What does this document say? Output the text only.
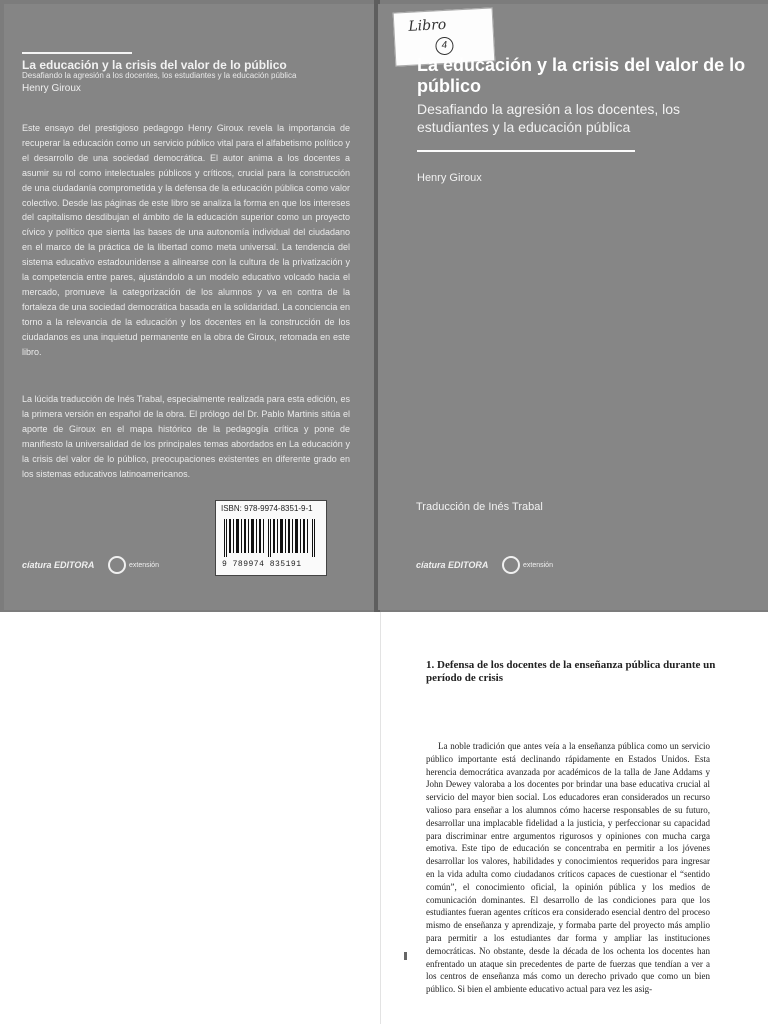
La educación y la crisis del valor de lo público
Desafiando la agresión a los docentes, los estudiantes y la educación pública
Henry Giroux
Este ensayo del prestigioso pedagogo Henry Giroux revela la importancia de recuperar la educación como un servicio público vital para el alfabetismo político y el desarrollo de una sociedad democrática. El autor anima a los docentes a asumir su rol como intelectuales públicos y críticos, crucial para la construcción de una ciudadanía comprometida y la defensa de la educación pública como valor colectivo. Desde las páginas de este libro se analiza la forma en que los intereses del capitalismo desdibujan el ámbito de la educación superior como un proyecto cívico y político que sienta las bases de una autonomía individual del ciudadano en el marco de la práctica de la libertad como meta universal. La tendencia del sistema educativo estadounidense a alinearse con la cultura de la privatización y la competencia entre pares, ajustándolo a un modelo educativo volcado hacia el mercado, promueve la categorización de los alumnos y va en contra de la fortaleza de una sociedad democrática basada en la solidaridad. La conciencia en torno a la relevancia de la educación y los docentes en la construcción de los ciudadanos es una inquietud permanente en la obra de Giroux, retomada en este libro.
La lúcida traducción de Inés Trabal, especialmente realizada para esta edición, es la primera versión en español de la obra. El prólogo del Dr. Pablo Martinis sitúa el aporte de Giroux en el mapa histórico de la pedagogía crítica y pone de manifiesto la universalidad de los principales temas abordados en La educación y la crisis del valor de lo público, preocupaciones existentes en diferente grado en los sistemas educativos latinoamericanos.
ISBN: 978-9974-8351-9-1
9 789974 835191
cíatura EDITORA	extensión
Libro
4
La educación y la crisis del valor de lo público
Desafiando la agresión a los docentes, los estudiantes y la educación pública
Henry Giroux
Traducción de Inés Trabal
cíatura EDITORA	extensión
1. Defensa de los docentes de la enseñanza pública durante un período de crisis
La noble tradición que antes veía a la enseñanza pública como un servicio público importante está declinando rápidamente en Estados Unidos. Esta herencia democrática avanzada por académicos de la talla de Jane Addams y John Dewey valoraba a los docentes por brindar una base educativa crucial al servicio del mayor bien social. Los educadores eran considerados un recurso valioso para enseñar a los alumnos cómo hacerse responsables de su futuro, desarrollar una implacable fidelidad a la justicia, y perfeccionar su capacidad para discriminar entre argumentos rigurosos y opiniones con mucha carga emotiva. Este tipo de educación se concentraba en permitir a los jóvenes desarrollar los valores, habilidades y conocimientos requeridos para ingresar en la vida adulta como ciudadanos críticos capaces de cuestionar el “sentido común”, el conocimiento oficial, la opinión pública y los medios de comunicación dominantes. El desarrollo de las condiciones para que los estudiantes fueran agentes críticos era considerado esencial dentro del proceso mismo de enseñanza y aprendizaje, y formaba parte del proyecto más amplio para permitir a los estudiantes dar forma y ampliar las instituciones democráticas. No obstante, desde la década de los ochenta los docentes han enfrentado un ataque sin precedentes de parte de fuerzas que tendían a ver a los centros de enseñanza más como un derecho privado que como un bien público. Si bien el ambiente educativo actual para vez les asig-
